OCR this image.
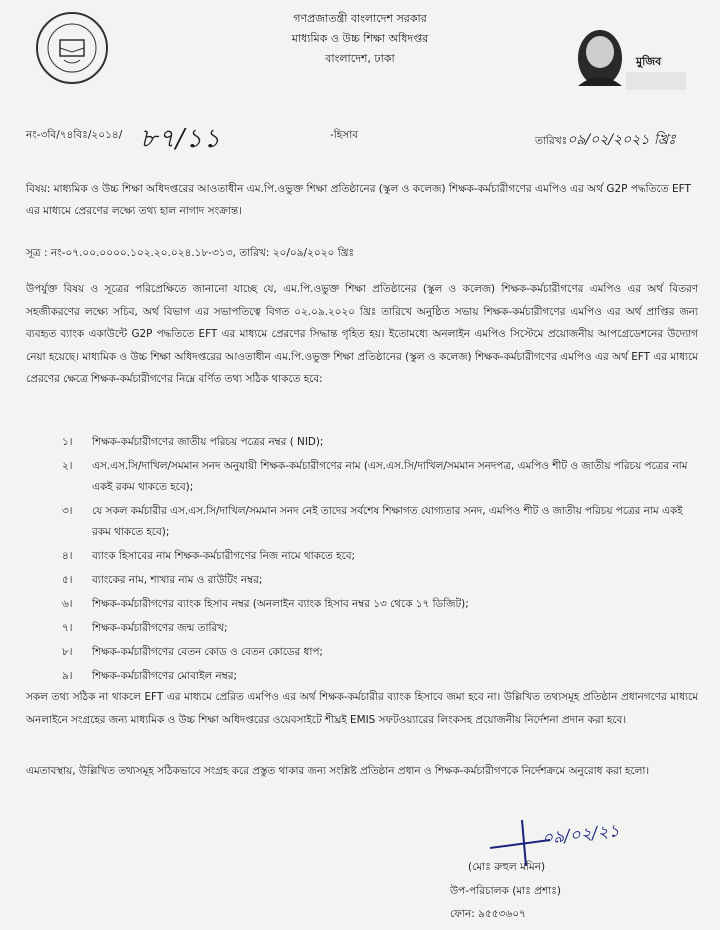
গণপ্রজাতন্ত্রী বাংলাদেশ সরকার
মাধ্যমিক ও উচ্চ শিক্ষা অধিদপ্তর
বাংলাদেশ, ঢাকা	মুজিব
নং-৩বি/৭৪বিঃ/২০১৪/ ৮৭/১১	-হিসাব	তারিখঃ০৯/০২/২০২১ খ্রিঃ
বিষয়: মাধ্যমিক ও উচ্চ শিক্ষা অধিদপ্তরের আওতাধীন এম.পি.ওভুক্ত শিক্ষা প্রতিষ্ঠানের (স্কুল ও কলেজ) শিক্ষক-কর্মচারীগণের এমপিও এর অর্থ G2P পদ্ধতিতে EFT এর মাধ্যমে প্রেরণের লক্ষ্যে তথ্য হাল নাগাদ সংক্রান্ত।
সূত্র : নং-০৭.০০.০০০০.১০২.২০.০২৪.১৮-৩১৩, তারিখ: ২০/০৯/২০২০ খ্রিঃ
উপর্যুক্ত বিষয় ও সূত্রের পরিপ্রেক্ষিতে জানানো যাচ্ছে যে, এম.পি.ওভুক্ত শিক্ষা প্রতিষ্ঠানের (স্কুল ও কলেজ) শিক্ষক-কর্মচারীগণের এমপিও এর অর্থ বিতরণ সহজীকরণের লক্ষ্যে সচিব, অর্থ বিভাগ এর সভাপতিত্বে বিগত ০২.০৯.২০২০ খ্রিঃ তারিখে অনুষ্ঠিত সভায় শিক্ষক-কর্মচারীগণের এমপিও এর অর্থ প্রাপ্তির জন্য ব্যবহৃত ব্যাংক একাউন্টে G2P পদ্ধতিতে EFT এর মাধ্যমে প্রেরণের সিদ্ধান্ত গৃহিত হয়। ইতোমধ্যে অনলাইন এমপিও সিস্টেমে প্রয়োজনীয় আপগ্রেডেশনের উদ্যোগ নেয়া হয়েছে। মাধ্যমিক ও উচ্চ শিক্ষা অধিদপ্তরের আওতাধীন এম.পি.ওভুক্ত শিক্ষা প্রতিষ্ঠানের (স্কুল ও কলেজ) শিক্ষক-কর্মচারীগণের এমপিও এর অর্থ EFT এর মাধ্যমে প্রেরণের ক্ষেত্রে শিক্ষক-কর্মচারীগণের নিম্নে বর্ণিত তথ্য সঠিক থাকতে হবে:
১।	শিক্ষক-কর্মচারীগণের জাতীয় পরিচয় পত্রের নম্বর ( NID);
২।	এস.এস.সি/দাখিল/সমমান সনদ অনুযায়ী শিক্ষক-কর্মচারীগণের নাম (এস.এস.সি/দাখিল/সমমান সনদপত্র, এমপিও শীট ও জাতীয় পরিচয় পত্রের নাম একই রকম থাকতে হবে);
৩।	যে সকল কর্মচারীর এস.এস.সি/দাখিল/সমমান সনদ নেই তাদের সর্বশেষ শিক্ষাগত যোগ্যতার সনদ, এমপিও শীট ও জাতীয় পরিচয় পত্রের নাম একই রকম থাকতে হবে);
৪।	ব্যাংক হিসাবের নাম শিক্ষক-কর্মচারীগণের নিজ নামে থাকতে হবে;
৫।	ব্যাংকের নাম, শাখার নাম ও রাউটিং নম্বর;
৬।	শিক্ষক-কর্মচারীগণের ব্যাংক হিসাব নম্বর (অনলাইন ব্যাংক হিসাব নম্বর ১৩ থেকে ১৭ ডিজিট);
৭।	শিক্ষক-কর্মচারীগণের জন্ম তারিখ;
৮।	শিক্ষক-কর্মচারীগণের বেতন কোড ও বেতন কোডের ধাপ;
৯।	শিক্ষক-কর্মচারীগণের মোবাইল নম্বর;
সকল তথ্য সঠিক না থাকলে EFT এর মাধ্যমে প্রেরিত এমপিও এর অর্থ শিক্ষক-কর্মচারীর ব্যাংক হিসাবে জমা হবে না। উল্লিখিত তথ্যসমূহ প্রতিষ্ঠান প্রধানগণের মাধ্যমে অনলাইনে সংগ্রহের জন্য মাধ্যমিক ও উচ্চ শিক্ষা অধিদপ্তরের ওয়েবসাইটে শীঘ্রই EMIS সফটওয়্যারের লিংকসহ প্রয়োজনীয় নির্দেশনা প্রদান করা হবে।
এমতাবস্থায়, উল্লিখিত তথ্যসমূহ সঠিকভাবে সংগ্রহ করে প্রস্তুত থাকার জন্য সংশ্লিষ্ট প্রতিষ্ঠান প্রধান ও শিক্ষক-কর্মচারীগণকে নির্দেশক্রমে অনুরোধ করা হলো।
০৯/০২/২১
(মোঃ রুহুল মমিন)
উপ-পরিচালক (মাঃ প্রশাঃ)
ফোন: ৯৫৫৩৬০৭
